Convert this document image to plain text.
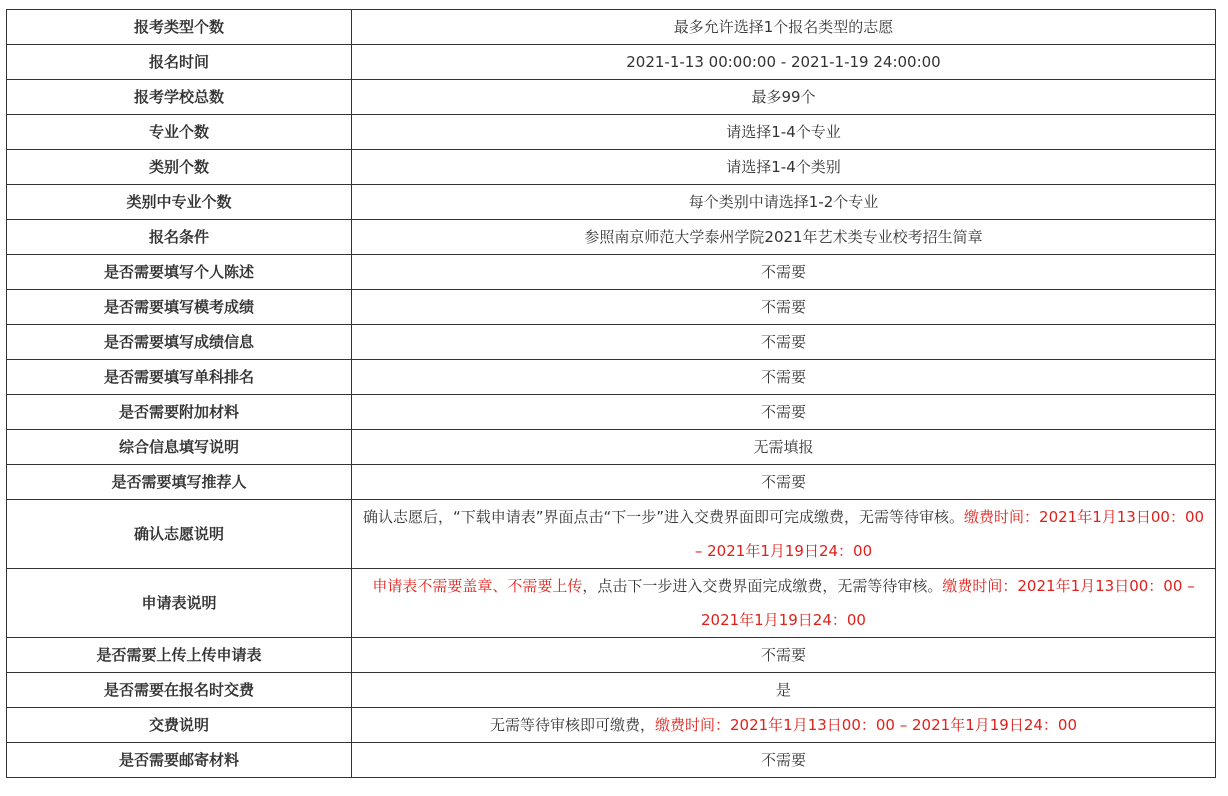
报考类型个数	最多允许选择1个报名类型的志愿
报名时间	2021-1-13 00:00:00 - 2021-1-19 24:00:00
报考学校总数	最多99个
专业个数	请选择1-4个专业
类别个数	请选择1-4个类别
类别中专业个数	每个类别中请选择1-2个专业
报名条件	参照南京师范大学泰州学院2021年艺术类专业校考招生简章
是否需要填写个人陈述	不需要
是否需要填写模考成绩	不需要
是否需要填写成绩信息	不需要
是否需要填写单科排名	不需要
是否需要附加材料	不需要
综合信息填写说明	无需填报
是否需要填写推荐人	不需要
确认志愿说明	确认志愿后，“下载申请表”界面点击“下一步”进入交费界面即可完成缴费，无需等待审核。缴费时间：2021年1月13日00：00 – 2021年1月19日24：00
申请表说明	申请表不需要盖章、不需要上传，点击下一步进入交费界面完成缴费，无需等待审核。缴费时间：2021年1月13日00：00 – 2021年1月19日24：00
是否需要上传上传申请表	不需要
是否需要在报名时交费	是
交费说明	无需等待审核即可缴费，缴费时间：2021年1月13日00：00 – 2021年1月19日24：00
是否需要邮寄材料	不需要
